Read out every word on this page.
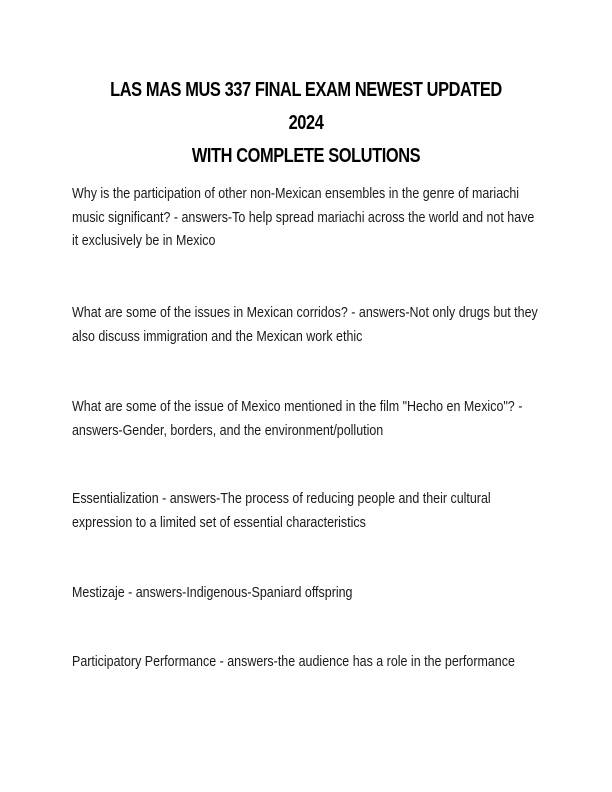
LAS MAS MUS 337 FINAL EXAM NEWEST UPDATED 2024
WITH COMPLETE SOLUTIONS
Why is the participation of other non-Mexican ensembles in the genre of mariachi music significant? - answers-To help spread mariachi across the world and not have it exclusively be in Mexico
What are some of the issues in Mexican corridos? - answers-Not only drugs but they also discuss immigration and the Mexican work ethic
What are some of the issue of Mexico mentioned in the film "Hecho en Mexico"? - answers-Gender, borders, and the environment/pollution
Essentialization - answers-The process of reducing people and their cultural expression to a limited set of essential characteristics
Mestizaje - answers-Indigenous-Spaniard offspring
Participatory Performance - answers-the audience has a role in the performance
